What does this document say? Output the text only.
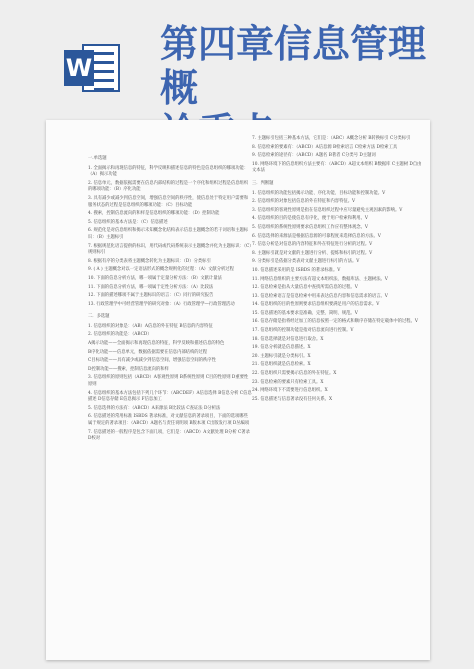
W
第四章信息管理概
一.单选题
1. 全面揭示和再现信息的特征，科学反映和描述信息的特色是信息组织的哪项功能：（A）揭示功能
2. 信息单元，数据依据需要在信息内部结构的过程是一个序化和组织过程是信息组织的哪项功能：（B）序化功能
3. 具有减少或减少到信息空间，增强信息空间的秩序性，使信息处于特定用户需要和服务状态的过程是信息组织的哪项功能：（C）目标功能
4. 搜索，控制信息流向的和样是信息组织的哪项功能：（D）控制功能
5. 信息组织的基本方法是：（C）信息描述
6. 规范化是对信息组织和揭示未知概念化结构表示信息主题概念的若干词语和主题标识：（B）主题标引
7. 根据规范化语言提供的标识，用代码或代码系统表示主题概念并化为主题标识：（C）规则标引
8. 根据有序的分类表将主题概念转化为主题标识：（D）分类标引
9. ( A ) 主题概念对以一定语法形式的概念规则化的过程：（A）文献分析过程
10. 下面的信息分析方法，哪一项属于定量分析方法：（B）文献计量法
11. 下面的信息分析方法，哪一项属于定性分析方法：（A）比较法
12. 下面的描述哪项不属于主题标识的语言：（C）同行的研究报告
13. 行政管理学中可经营管理学的研究对象：（A）行政管理学—行政管理活动
二．多选题
1. 信息组织的对象是：（AB）A信息的外在特征 B信息的内容特征
2. 信息组织的功能是：（ABCD）
A揭示功能——全面揭示和再现信息的特征，科学反映和描述信息的特色
B序化功能——信息单元，数据依据需要在信息内部结构的过程
C目标功能——具有减少或减少到信息空间，增强信息空间的秩序性
D控制功能——搜索，控制信息流向的和样
3. 信息组织的原则包括（ABCD）A客观性原则 B系统性原则 C目的性原则 D重要性原则
4. 信息组织的基本方法包括下列几个环节：（ABCDEF）A信息选择 B信息分析 C信息描述 D信息存储 E信息揭示 F信息加工
5. 信息选择的方法有：（ABCD）A来源法 B比较法 C查证法 D分析法
6. 信息描述的常用标准 ISBDS 著录标准，对文献信息的著录项目，下面的选项哪些属于规定的著录项目：（ABCD）A题名与责任说明项 B版本项 C出版发行项 D丛编项
7. 信息描述的一般程序是包含下面几项，它们是：（ABCD）A文献处理 B分析 C著录 D校对
7. 主题标引包括三种基本方法，它们是：（ABC）A概念分析 B转换标引 C分类标引
8. 信息检索的要素有：（ABCD）A信息源 B检索语言 C检索方法 D检索工具
9. 信息检索的途径有：（ABCD）A题名 B著者 C分类号 D主题词
10. 网络环境下的信息组织方法主要有：（ABCD）A超文本组织 B数据库 C主题树 D自由文本法
三．判断题
1. 信息组织的功能包括揭示功能、序化功能、目标功能和控制功能。V
2. 信息组织的对象包括信息的外在特征和内容特征。V
3. 信息组织的客观性原则是指在信息组织过程中应尽量避免主观因素的影响。V
4. 信息组织的目的是使信息有序化，便于用户检索和利用。V
5. 信息组织的系统性原则要求信息组织工作应有整体观念。V
6. 信息选择的来源法是根据信息源的可靠程度来选择信息的方法。V
7. 信息分析是对信息的内容特征和外在特征进行分析的过程。V
8. 主题标引就是对文献的主题进行分析、提炼和标引的过程。V
9. 分类标引是依据分类表对文献主题进行标引的方法。V
10. 信息描述采用的是 ISBDS 的著录标准。V
11. 网络信息组织的主要方法有超文本组织法、数据库法、主题树法。V
12. 信息检索是指从大量信息中查找所需信息的过程。V
13. 信息检索语言是信息检索中用来表达信息内容和信息需求的语言。V
14. 信息组织的目的性原则要求信息组织要满足用户的信息需求。V
15. 信息描述的基本要求是准确、完整、简明、规范。V
16. 信息存储是指将经过加工的信息按照一定的格式和顺序存储在特定载体中的过程。V
17. 信息组织的控制功能是指对信息流向进行控制。V
18. 信息选择就是对信息进行取舍。X
19. 信息分析就是信息描述。X
20. 主题标引就是分类标引。X
21. 信息组织就是信息检索。X
22. 信息组织只需要揭示信息的外在特征。X
23. 信息检索的要素只有检索工具。X
24. 网络环境下不需要进行信息组织。X
25. 信息描述与信息著录没有任何关系。X
